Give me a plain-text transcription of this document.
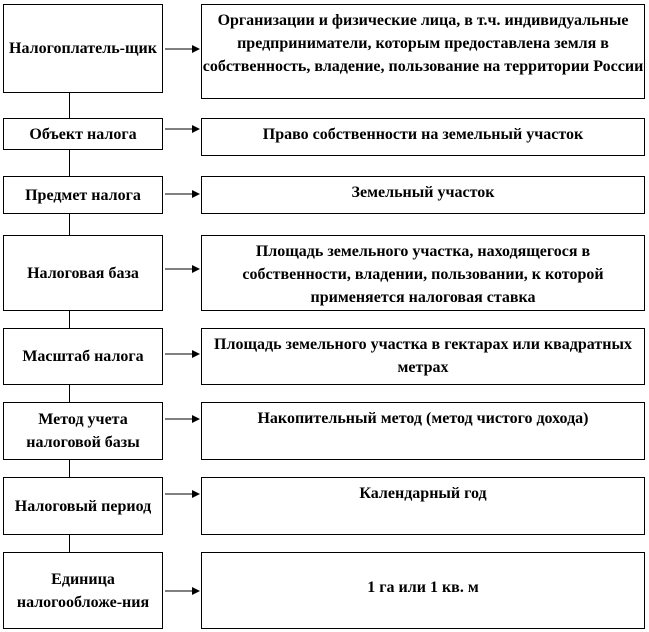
Налогоплатель-щик
Организации и физические лица, в т.ч. индивидуальные предприниматели, которым предоставлена земля в собственность, владение, пользование на территории России
Объект налога	Право собственности на земельный участок
Предмет налога	Земельный участок
Налоговая база
Площадь земельного участка, находящегося в собственности, владении, пользовании, к которой применяется налоговая ставка
Масштаб налога
Площадь земельного участка в гектарах или квадратных метрах
Метод учета налоговой базы
Накопительный метод (метод чистого дохода)
Налоговый период
Календарный год
Единица налогообложе-ния
1 га или 1 кв. м
